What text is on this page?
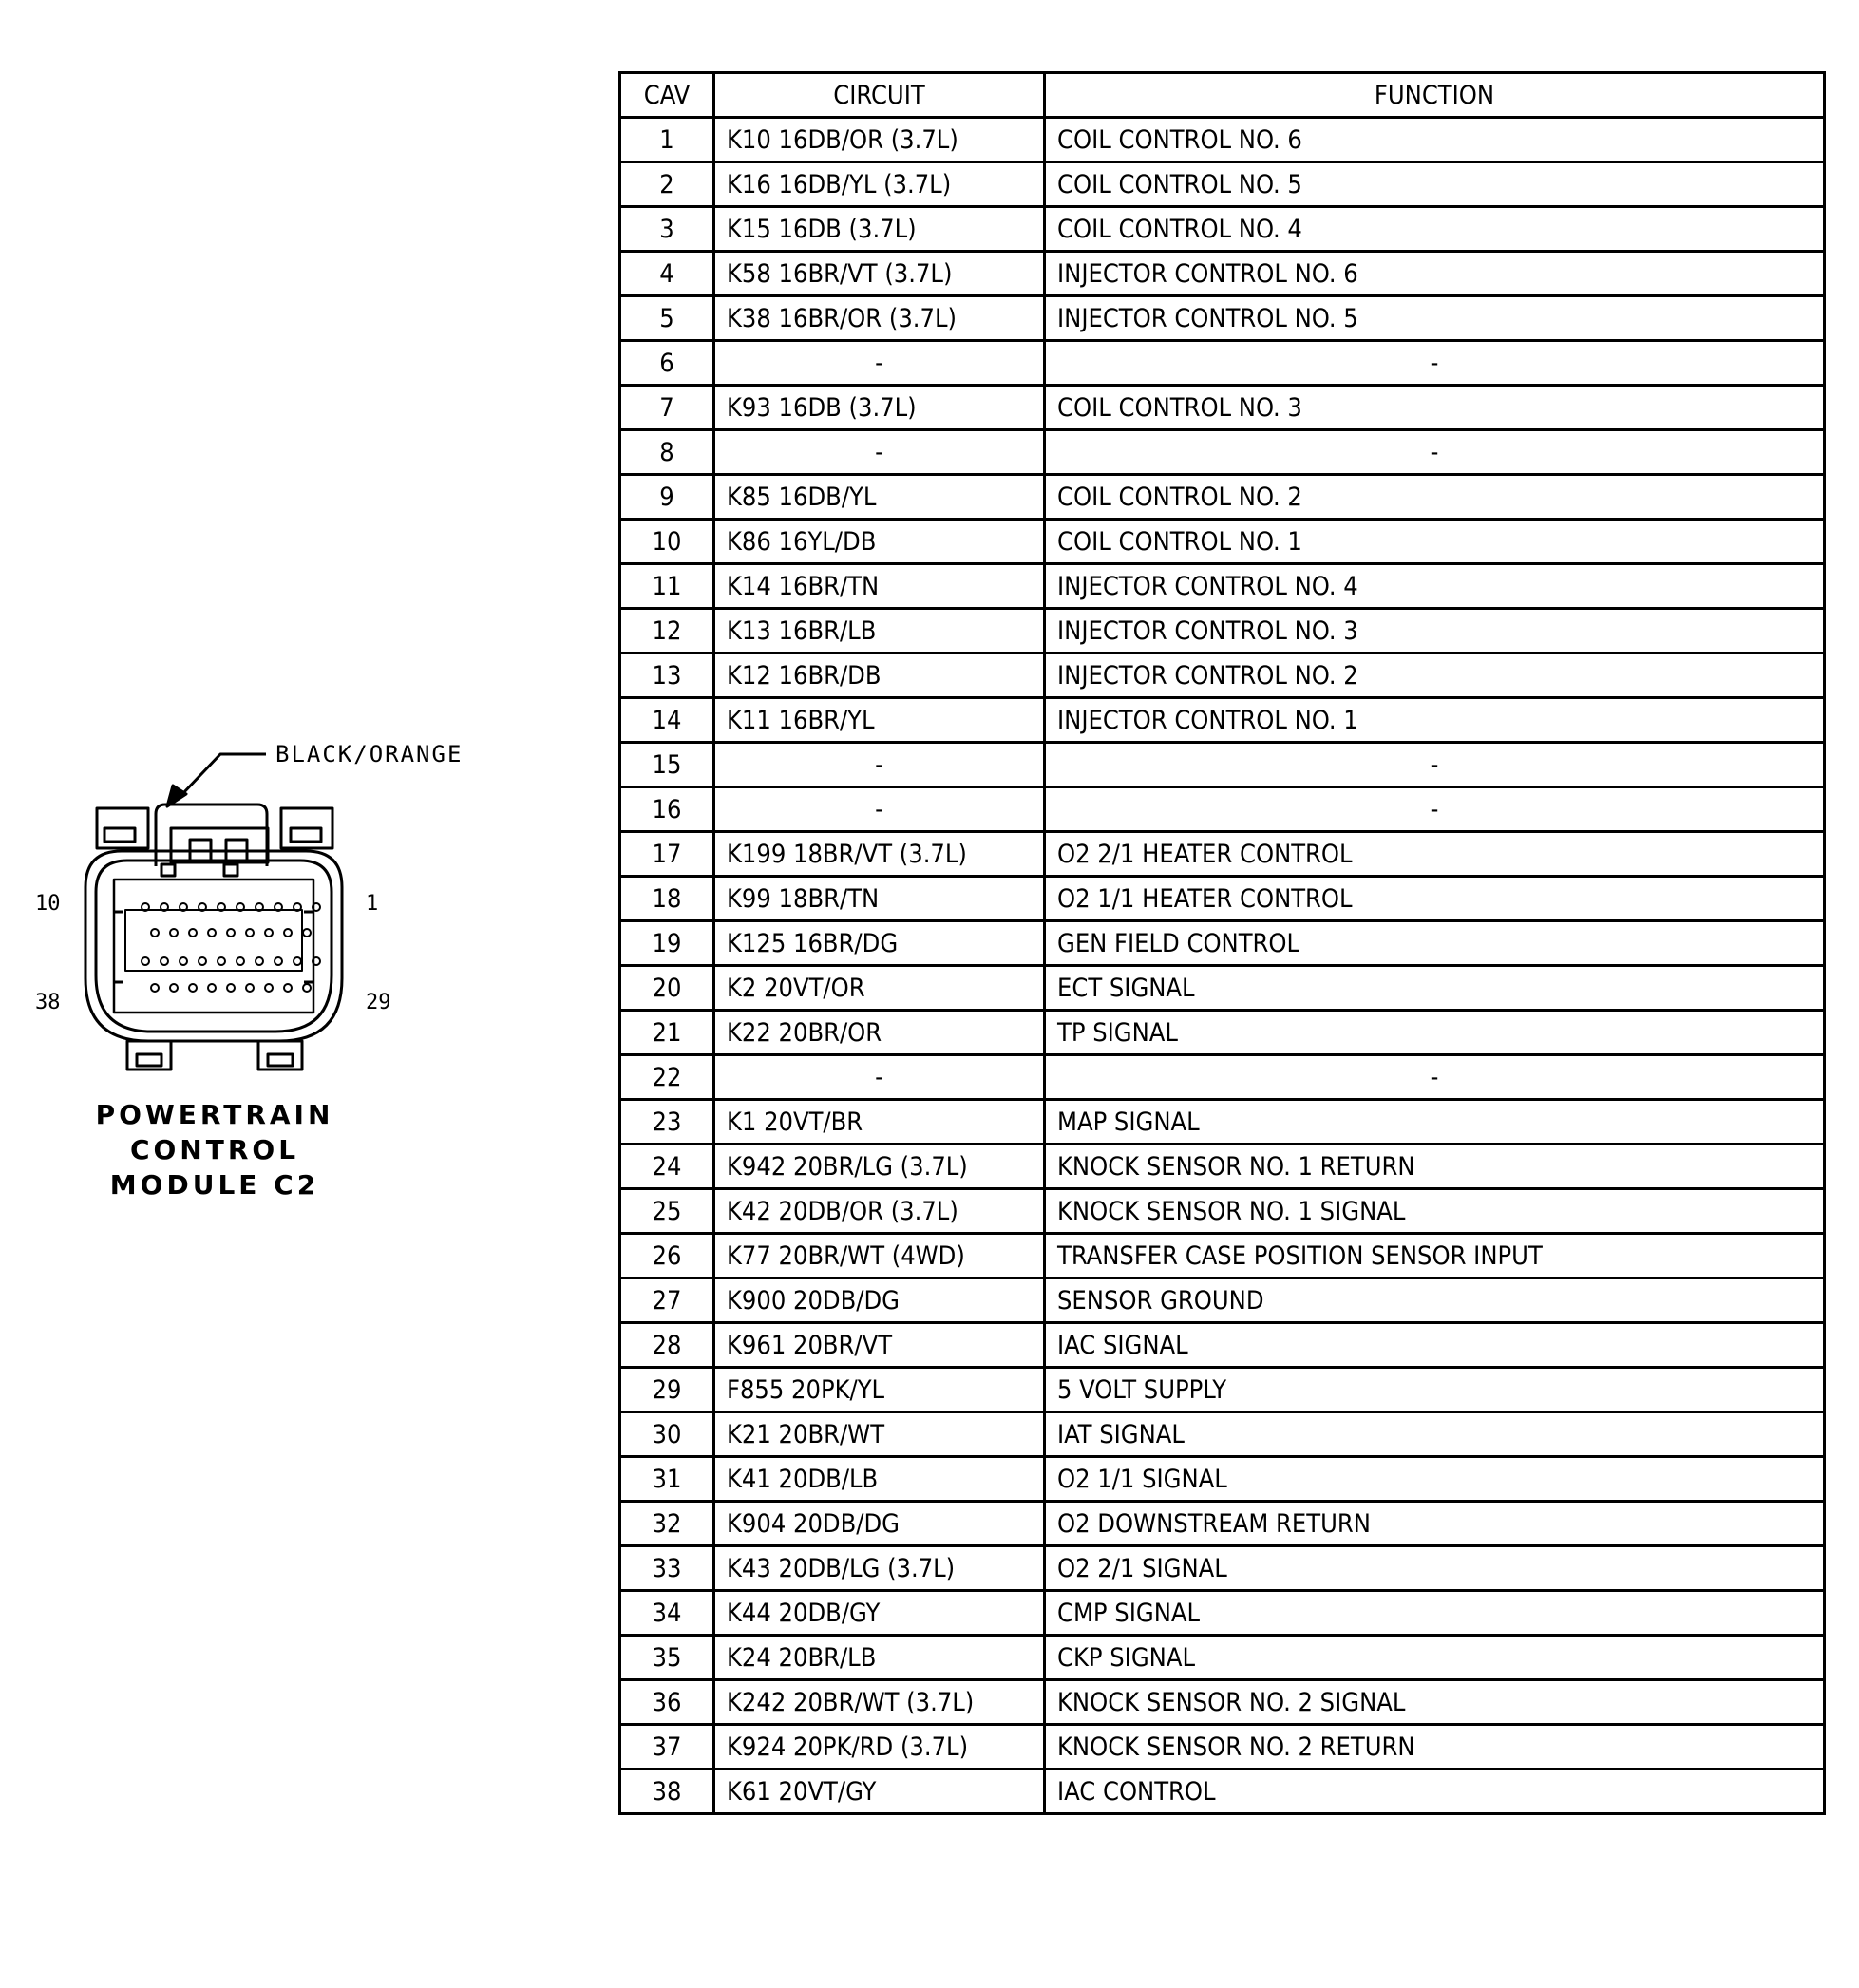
10	1
38	29
BLACK/ORANGE
POWERTRAIN
CONTROL
MODULE C2
CAV	CIRCUIT	FUNCTION
1	K10 16DB/OR (3.7L)	COIL CONTROL NO. 6
2	K16 16DB/YL (3.7L)	COIL CONTROL NO. 5
3	K15 16DB (3.7L)	COIL CONTROL NO. 4
4	K58 16BR/VT (3.7L)	INJECTOR CONTROL NO. 6
5	K38 16BR/OR (3.7L)	INJECTOR CONTROL NO. 5
6	-	-
7	K93 16DB (3.7L)	COIL CONTROL NO. 3
8	-	-
9	K85 16DB/YL	COIL CONTROL NO. 2
10	K86 16YL/DB	COIL CONTROL NO. 1
11	K14 16BR/TN	INJECTOR CONTROL NO. 4
12	K13 16BR/LB	INJECTOR CONTROL NO. 3
13	K12 16BR/DB	INJECTOR CONTROL NO. 2
14	K11 16BR/YL	INJECTOR CONTROL NO. 1
15	-	-
16	-	-
17	K199 18BR/VT (3.7L)	O2 2/1 HEATER CONTROL
18	K99 18BR/TN	O2 1/1 HEATER CONTROL
19	K125 16BR/DG	GEN FIELD CONTROL
20	K2 20VT/OR	ECT SIGNAL
21	K22 20BR/OR	TP SIGNAL
22	-	-
23	K1 20VT/BR	MAP SIGNAL
24	K942 20BR/LG (3.7L)	KNOCK SENSOR NO. 1 RETURN
25	K42 20DB/OR (3.7L)	KNOCK SENSOR NO. 1 SIGNAL
26	K77 20BR/WT (4WD)	TRANSFER CASE POSITION SENSOR INPUT
27	K900 20DB/DG	SENSOR GROUND
28	K961 20BR/VT	IAC SIGNAL
29	F855 20PK/YL	5 VOLT SUPPLY
30	K21 20BR/WT	IAT SIGNAL
31	K41 20DB/LB	O2 1/1 SIGNAL
32	K904 20DB/DG	O2 DOWNSTREAM RETURN
33	K43 20DB/LG (3.7L)	O2 2/1 SIGNAL
34	K44 20DB/GY	CMP SIGNAL
35	K24 20BR/LB	CKP SIGNAL
36	K242 20BR/WT (3.7L)	KNOCK SENSOR NO. 2 SIGNAL
37	K924 20PK/RD (3.7L)	KNOCK SENSOR NO. 2 RETURN
38	K61 20VT/GY	IAC CONTROL
